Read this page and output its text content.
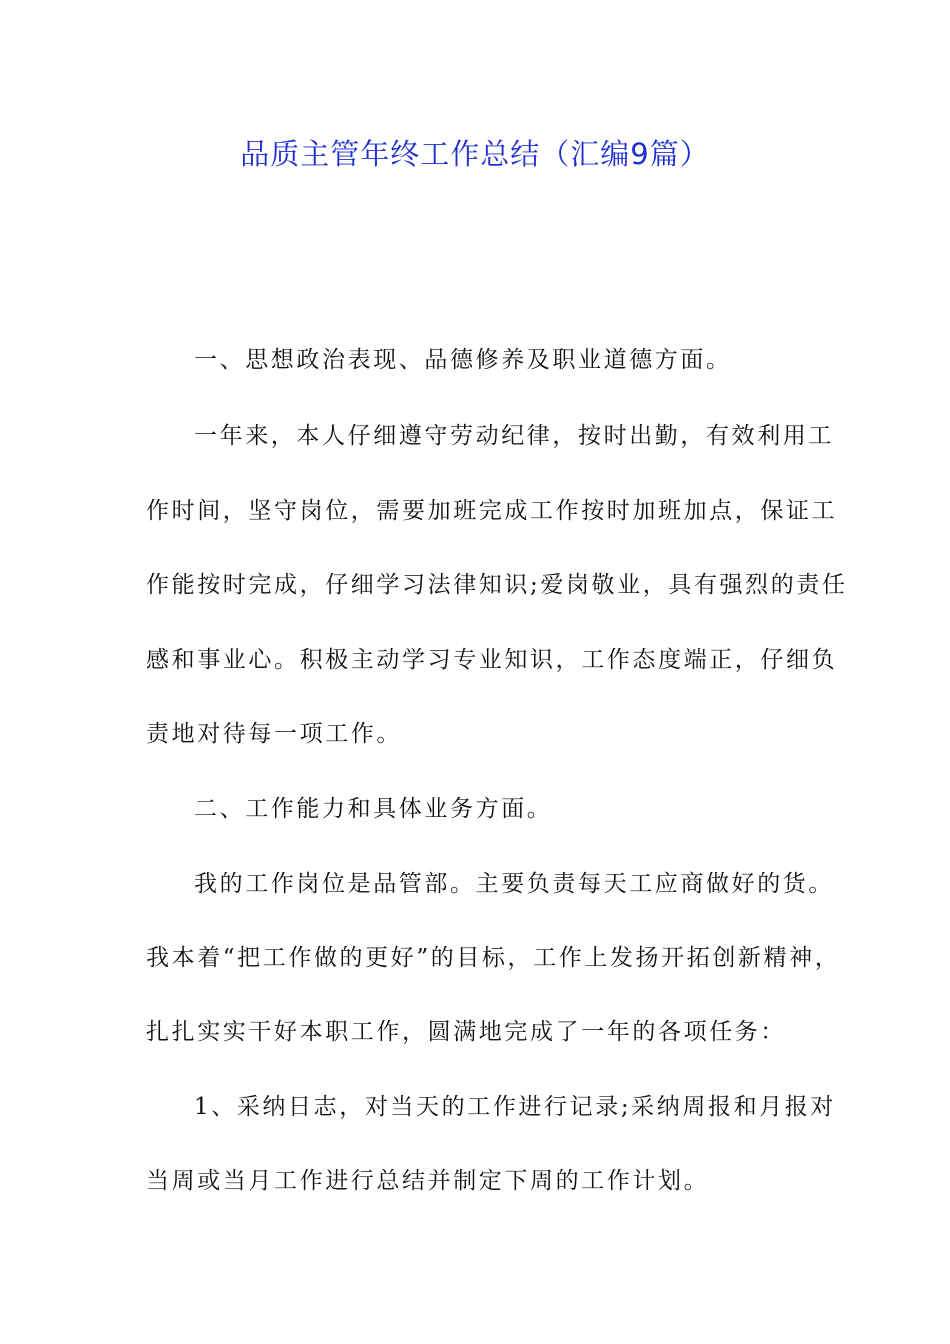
品质主管年终工作总结（汇编9篇）
一、思想政治表现、品德修养及职业道德方面。
一年来，本人仔细遵守劳动纪律，按时出勤，有效利用工
作时间，坚守岗位，需要加班完成工作按时加班加点，保证工
作能按时完成，仔细学习法律知识;爱岗敬业，具有强烈的责任
感和事业心。积极主动学习专业知识，工作态度端正，仔细负
责地对待每一项工作。
二、工作能力和具体业务方面。
我的工作岗位是品管部。主要负责每天工应商做好的货。
我本着“把工作做的更好”的目标，工作上发扬开拓创新精神，
扎扎实实干好本职工作，圆满地完成了一年的各项任务：
1、采纳日志，对当天的工作进行记录;采纳周报和月报对
当周或当月工作进行总结并制定下周的工作计划。
